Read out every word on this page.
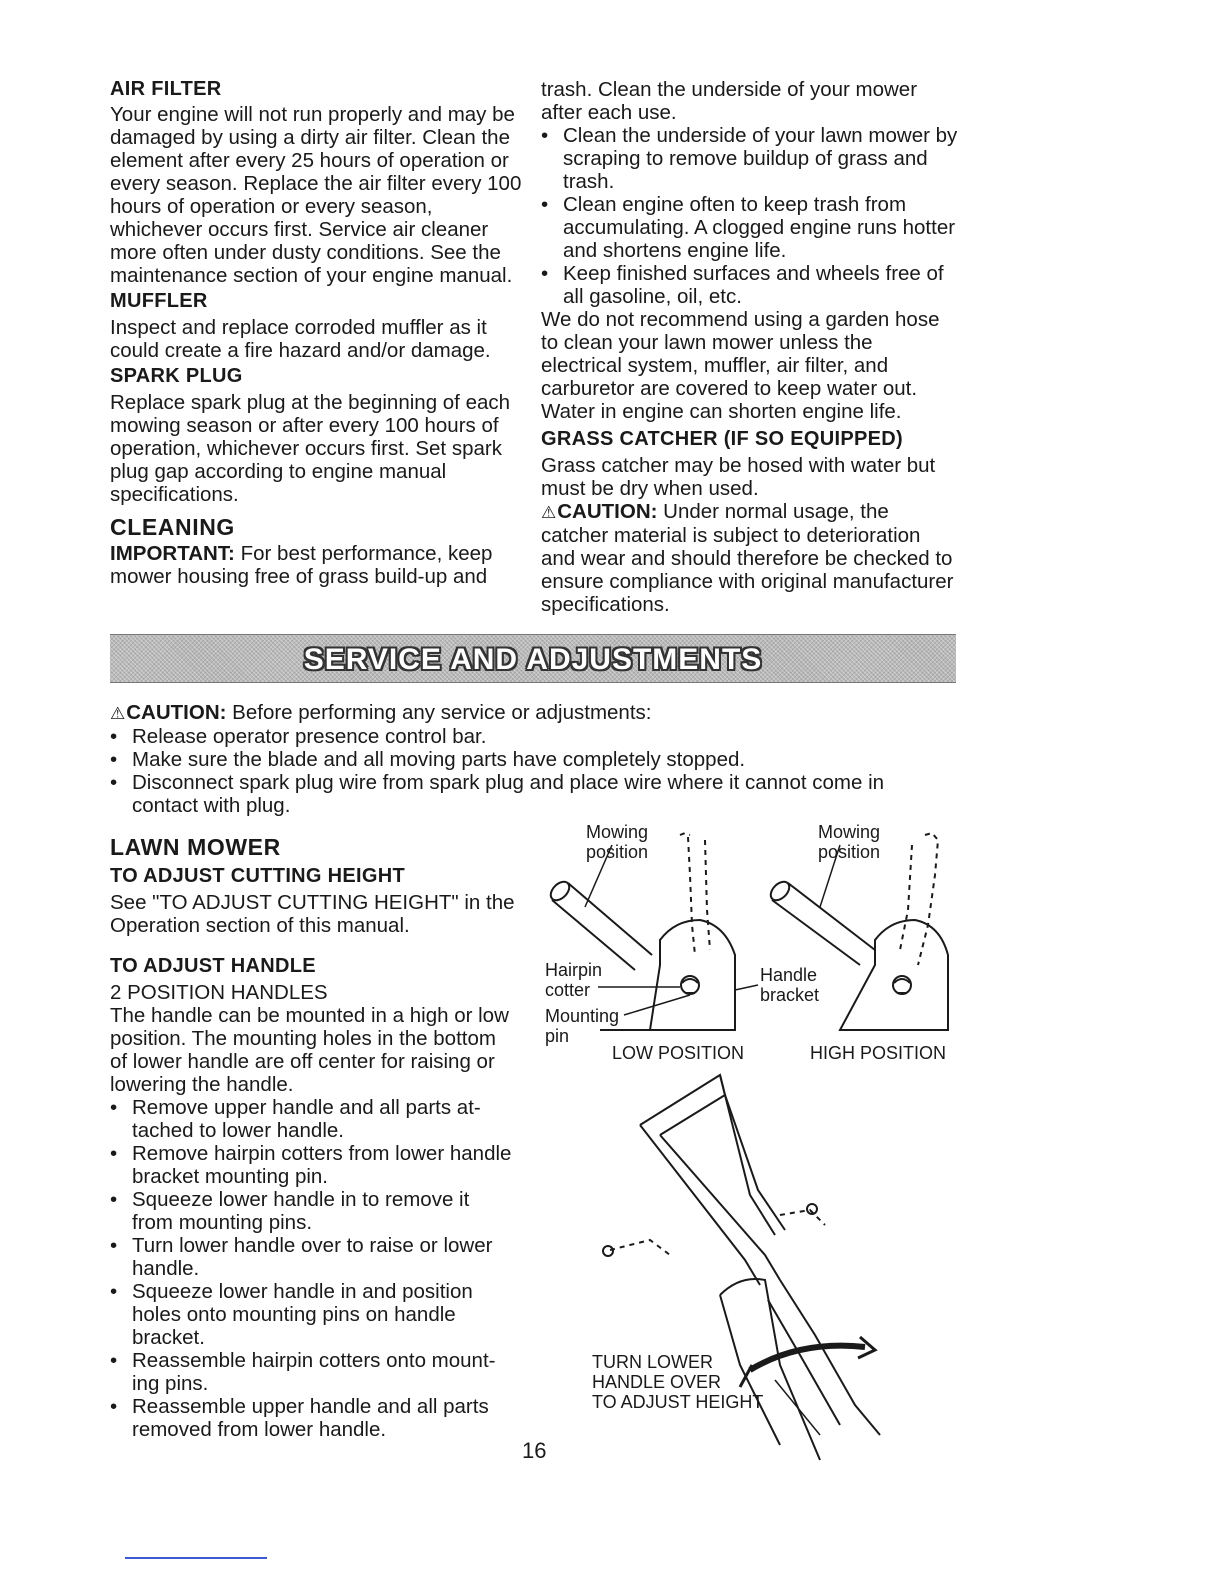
AIR FILTER

Your engine will not run properly and may be damaged by using a dirty air filter. Clean the element after every 25 hours of operation or every season. Replace the air filter every 100 hours of operation or every season, whichever occurs first. Service air cleaner more often under dusty conditions. See the maintenance section of your engine manual.

MUFFLER

Inspect and replace corroded muffler as it could create a fire hazard and/or damage.

SPARK PLUG

Replace spark plug at the beginning of each mowing season or after every 100 hours of operation, whichever occurs first. Set spark plug gap according to engine manual specifications.

CLEANING

IMPORTANT: For best performance, keep mower housing free of grass build-up and

trash. Clean the underside of your mower after each use.

• Clean the underside of your lawn mower by scraping to remove buildup of grass and trash.
• Clean engine often to keep trash from accumulating. A clogged engine runs hotter and shortens engine life.
• Keep finished surfaces and wheels free of all gasoline, oil, etc.

We do not recommend using a garden hose to clean your lawn mower unless the electrical system, muffler, air filter, and carburetor are covered to keep water out. Water in engine can shorten engine life.

GRASS CATCHER (IF SO EQUIPPED)

Grass catcher may be hosed with water but must be dry when used.

⚠CAUTION: Under normal usage, the catcher material is subject to deterioration and wear and should therefore be checked to ensure compliance with original manufacturer specifications.

SERVICE AND ADJUSTMENTS

⚠CAUTION: Before performing any service or adjustments:

• Release operator presence control bar.
• Make sure the blade and all moving parts have completely stopped.
• Disconnect spark plug wire from spark plug and place wire where it cannot come in contact with plug.

LAWN MOWER

TO ADJUST CUTTING HEIGHT

See "TO ADJUST CUTTING HEIGHT" in the Operation section of this manual.

TO ADJUST HANDLE

2 POSITION HANDLES

The handle can be mounted in a high or low position. The mounting holes in the bottom of lower handle are off center for raising or lowering the handle.

• Remove upper handle and all parts at-tached to lower handle.
• Remove hairpin cotters from lower handle bracket mounting pin.
• Squeeze lower handle in to remove it from mounting pins.
• Turn lower handle over to raise or lower handle.
• Squeeze lower handle in and position holes onto mounting pins on handle bracket.
• Reassemble hairpin cotters onto mount-ing pins.
• Reassemble upper handle and all parts removed from lower handle.
Mowing
position
Mowing
position
Hairpin
cotter
Mounting
pin
Handle
bracket
LOW POSITION	HIGH POSITION
TURN LOWER
HANDLE OVER
TO ADJUST HEIGHT
16
